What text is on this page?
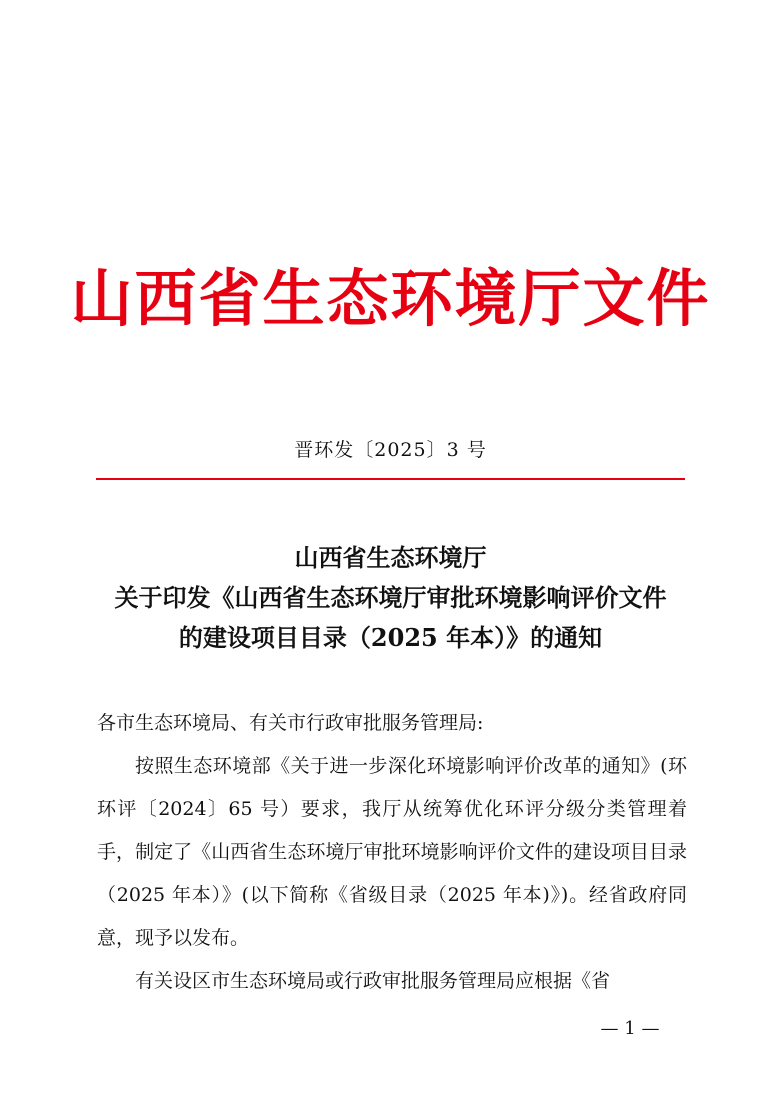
山西省生态环境厅文件
晋环发〔2025〕3 号
山西省生态环境厅
关于印发《山西省生态环境厅审批环境影响评价文件
的建设项目目录（2025 年本）》的通知

各市生态环境局、有关市行政审批服务管理局:

按照生态环境部《关于进一步深化环境影响评价改革的通知》(环环评〔2024〕65 号）要求，我厅从统筹优化环评分级分类管理着手，制定了《山西省生态环境厅审批环境影响评价文件的建设项目目录（2025 年本）》(以下简称《省级目录（2025 年本)》)。经省政府同意，现予以发布。

有关设区市生态环境局或行政审批服务管理局应根据《省

— 1 —
